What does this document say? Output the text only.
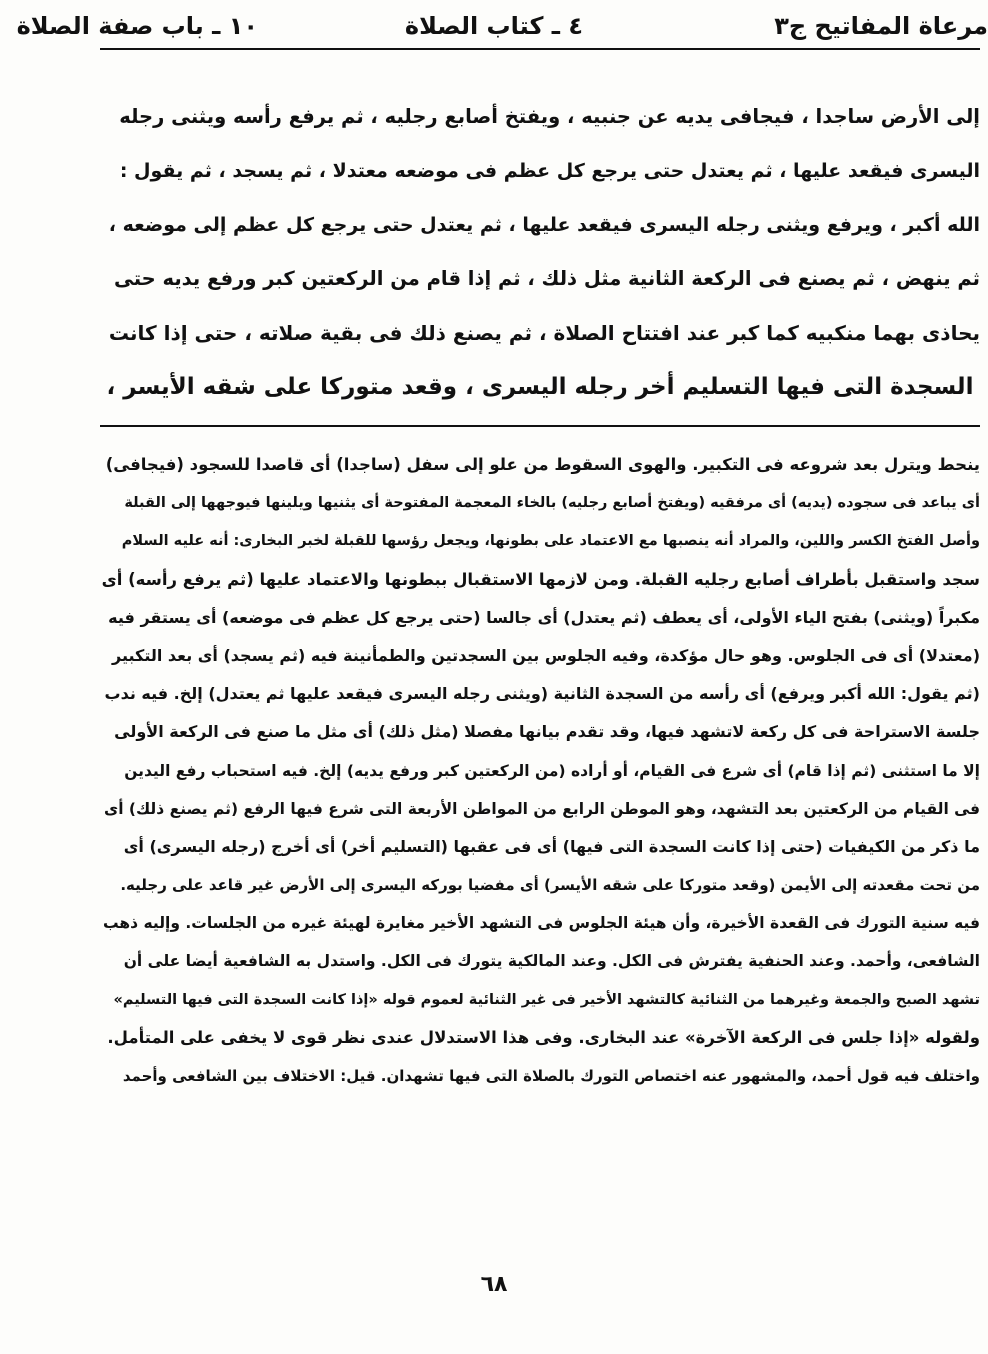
مرعاة المفاتيح ج٣
٤ ـ كتاب الصلاة
١٠ ـ باب صفة الصلاة
إلى الأرض ساجدا ، فيجافى يديه عن جنبيه ، ويفتخ أصابع رجليه ، ثم يرفع رأسه ويثنى رجله
اليسرى فيقعد عليها ، ثم يعتدل حتى يرجع كل عظم فى موضعه معتدلا ، ثم يسجد ، ثم يقول :
الله أكبر ، ويرفع ويثنى رجله اليسرى فيقعد عليها ، ثم يعتدل حتى يرجع كل عظم إلى موضعه ،
ثم ينهض ، ثم يصنع فى الركعة الثانية مثل ذلك ، ثم إذا قام من الركعتين كبر ورفع يديه حتى
يحاذى بهما منكبيه كما كبر عند افتتاح الصلاة ، ثم يصنع ذلك فى بقية صلاته ، حتى إذا كانت
السجدة التى فيها التسليم أخر رجله اليسرى ، وقعد متوركا على شقه الأيسر ،
ينحط ويترل بعد شروعه فى التكبير. والهوى السقوط من علو إلى سفل (ساجدا) أى قاصدا للسجود (فيجافى)
أى يباعد فى سجوده (يديه) أى مرفقيه (ويفتخ أصابع رجليه) بالخاء المعجمة المفتوحة أى يثنيها ويلينها فيوجهها إلى القبلة
وأصل الفتخ الكسر واللين، والمراد أنه ينصبها مع الاعتماد على بطونها، ويجعل رؤسها للقبلة لخبر البخارى: أنه عليه السلام
سجد واستقبل بأطراف أصابع رجليه القبلة. ومن لازمها الاستقبال ببطونها والاعتماد عليها (ثم يرفع رأسه) أى
مكبراً (ويثنى) بفتح الياء الأولى، أى يعطف (ثم يعتدل) أى جالسا (حتى يرجع كل عظم فى موضعه) أى يستقر فيه
(معتدلا) أى فى الجلوس. وهو حال مؤكدة، وفيه الجلوس بين السجدتين والطمأنينة فيه (ثم يسجد) أى بعد التكبير
(ثم يقول: الله أكبر ويرفع) أى رأسه من السجدة الثانية (ويثنى رجله اليسرى فيقعد عليها ثم يعتدل) إلخ. فيه ندب
جلسة الاستراحة فى كل ركعة لاتشهد فيها، وقد تقدم بيانها مفصلا (مثل ذلك) أى مثل ما صنع فى الركعة الأولى
إلا ما استثنى (ثم إذا قام) أى شرع فى القيام، أو أراده (من الركعتين كبر ورفع يديه) إلخ. فيه استحباب رفع اليدين
فى القيام من الركعتين بعد التشهد، وهو الموطن الرابع من المواطن الأربعة التى شرع فيها الرفع (ثم يصنع ذلك) أى
ما ذكر من الكيفيات (حتى إذا كانت السجدة التى فيها) أى فى عقبها (التسليم أخر) أى أخرج (رجله اليسرى) أى
من تحت مقعدته إلى الأيمن (وقعد متوركا على شقه الأيسر) أى مفضيا بوركه اليسرى إلى الأرض غير قاعد على رجليه.
فيه سنية التورك فى القعدة الأخيرة، وأن هيئة الجلوس فى التشهد الأخير مغايرة لهيئة غيره من الجلسات. وإليه ذهب
الشافعى، وأحمد. وعند الحنفية يفترش فى الكل. وعند المالكية يتورك فى الكل. واستدل به الشافعية أيضا على أن
تشهد الصبح والجمعة وغيرهما من الثنائية كالتشهد الأخير فى غير الثنائية لعموم قوله «إذا كانت السجدة التى فيها التسليم»
ولقوله «إذا جلس فى الركعة الآخرة» عند البخارى. وفى هذا الاستدلال عندى نظر قوى لا يخفى على المتأمل.
واختلف فيه قول أحمد، والمشهور عنه اختصاص التورك بالصلاة التى فيها تشهدان. قيل: الاختلاف بين الشافعى وأحمد
٦٨
